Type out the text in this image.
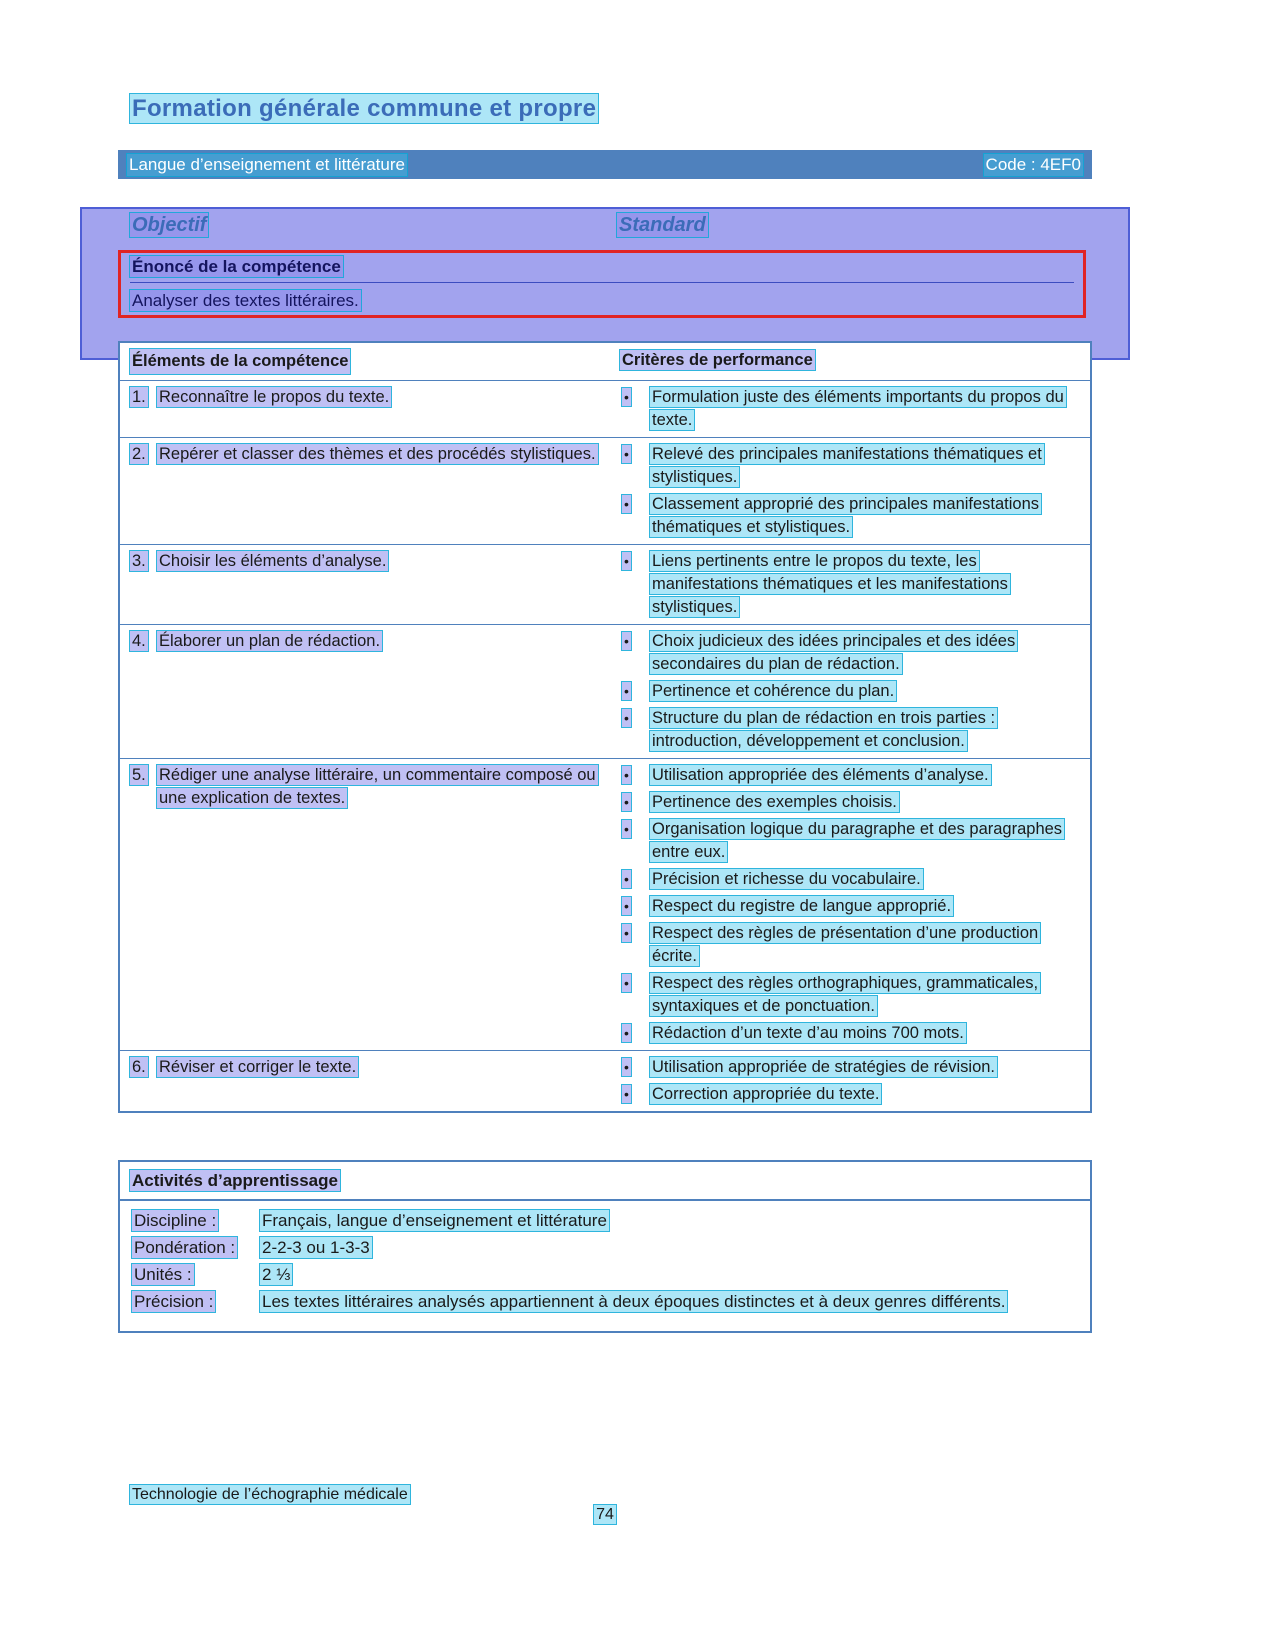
Formation générale commune et propre
Langue d’enseignement et littérature	Code : 4EF0
Objectif	Standard
Énoncé de la compétence
Analyser des textes littéraires.
Éléments de la compétence	Critères de performance
1. Reconnaître le propos du texte.	•	Formulation juste des éléments importants du propos du texte.
2. Repérer et classer des thèmes et des procédés stylistiques.	•	Relevé des principales manifestations thématiques et stylistiques.
•	Classement approprié des principales manifestations thématiques et stylistiques.
3. Choisir les éléments d’analyse.	•	Liens pertinents entre le propos du texte, les manifestations thématiques et les manifestations stylistiques.
4. Élaborer un plan de rédaction.	•	Choix judicieux des idées principales et des idées secondaires du plan de rédaction.
•	Pertinence et cohérence du plan.
•	Structure du plan de rédaction en trois parties : introduction, développement et conclusion.
5. Rédiger une analyse littéraire, un commentaire composé ou une explication de textes.
•	Utilisation appropriée des éléments d’analyse.
•	Pertinence des exemples choisis.
•	Organisation logique du paragraphe et des paragraphes entre eux.
•	Précision et richesse du vocabulaire.
•	Respect du registre de langue approprié.
•	Respect des règles de présentation d’une production écrite.
•	Respect des règles orthographiques, grammaticales, syntaxiques et de ponctuation.
•	Rédaction d’un texte d’au moins 700 mots.
6. Réviser et corriger le texte.	•	Utilisation appropriée de stratégies de révision.
•	Correction appropriée du texte.
Activités d’apprentissage
Discipline :	Français, langue d’enseignement et littérature
Pondération :	2-2-3 ou 1-3-3
Unités :	2 ⅓
Précision :	Les textes littéraires analysés appartiennent à deux époques distinctes et à deux genres différents.
Technologie de l’échographie médicale
74
